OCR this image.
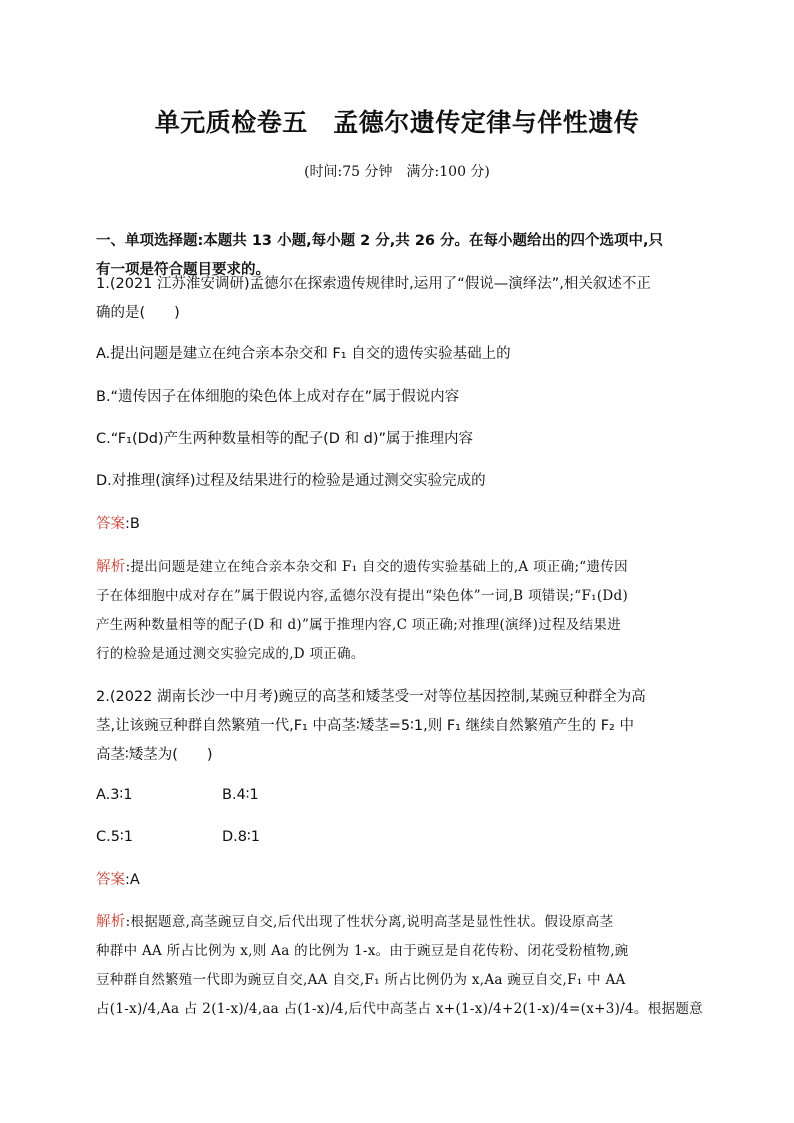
单元质检卷五　孟德尔遗传定律与伴性遗传
(时间:75 分钟　满分:100 分)
一、单项选择题:本题共 13 小题,每小题 2 分,共 26 分。在每小题给出的四个选项中,只
有一项是符合题目要求的。
1.(2021 江苏淮安调研)孟德尔在探索遗传规律时,运用了“假说—演绎法”,相关叙述不正
确的是(　　)
A.提出问题是建立在纯合亲本杂交和 F₁ 自交的遗传实验基础上的
B.“遗传因子在体细胞的染色体上成对存在”属于假说内容
C.“F₁(Dd)产生两种数量相等的配子(D 和 d)”属于推理内容
D.对推理(演绎)过程及结果进行的检验是通过测交实验完成的
答案:B
解析:提出问题是建立在纯合亲本杂交和 F₁ 自交的遗传实验基础上的,A 项正确;“遗传因
子在体细胞中成对存在”属于假说内容,孟德尔没有提出“染色体”一词,B 项错误;“F₁(Dd)
产生两种数量相等的配子(D 和 d)”属于推理内容,C 项正确;对推理(演绎)过程及结果进
行的检验是通过测交实验完成的,D 项正确。
2.(2022 湖南长沙一中月考)豌豆的高茎和矮茎受一对等位基因控制,某豌豆种群全为高
茎,让该豌豆种群自然繁殖一代,F₁ 中高茎∶矮茎=5∶1,则 F₁ 继续自然繁殖产生的 F₂ 中
高茎∶矮茎为(　　)
A.3∶1	B.4∶1
C.5∶1	D.8∶1
答案:A
解析:根据题意,高茎豌豆自交,后代出现了性状分离,说明高茎是显性性状。假设原高茎
种群中 AA 所占比例为 x,则 Aa 的比例为 1-x。由于豌豆是自花传粉、闭花受粉植物,豌
豆种群自然繁殖一代即为豌豆自交,AA 自交,F₁ 所占比例仍为 x,Aa 豌豆自交,F₁ 中 AA
占(1-x)/4,Aa 占 2(1-x)/4,aa 占(1-x)/4,后代中高茎占 x+(1-x)/4+2(1-x)/4=(x+3)/4。根据题意
